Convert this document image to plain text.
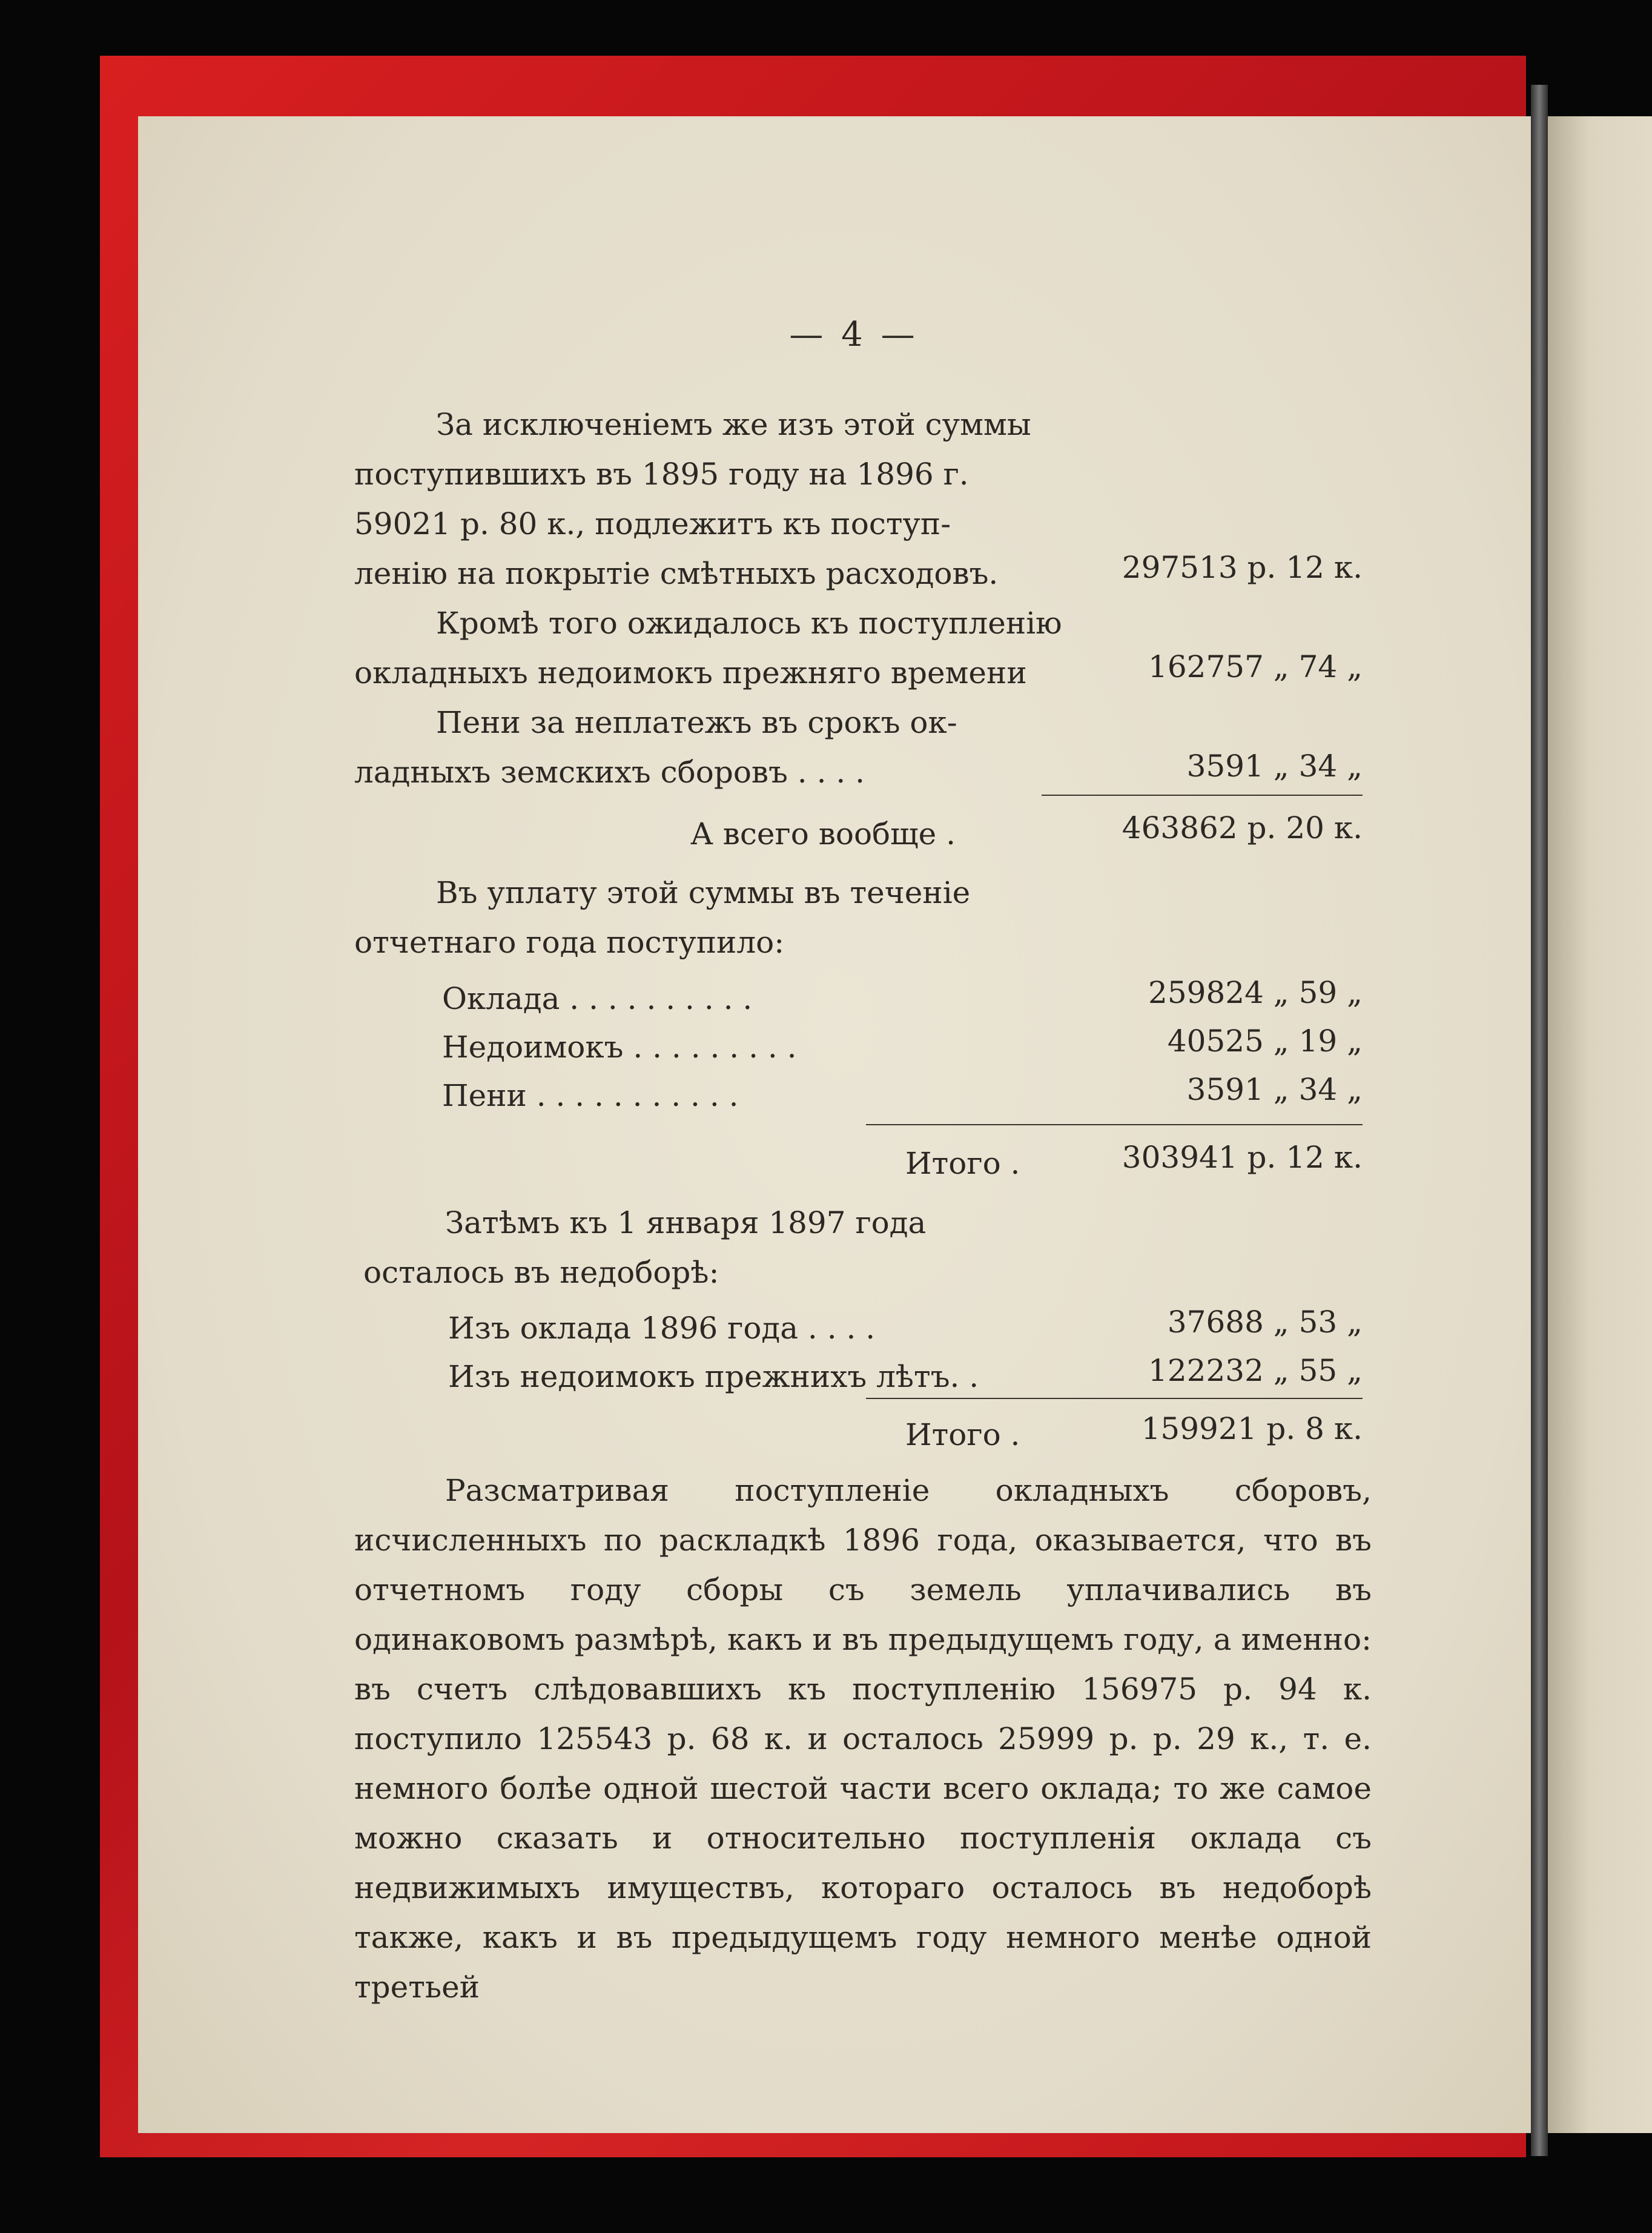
— 4 —
За исключеніемъ же изъ этой суммы
поступившихъ въ 1895 году на 1896 г.
59021 р. 80 к., подлежитъ къ поступ-
ленію на покрытіе смѣтныхъ расходовъ.	297513 р. 12 к.
Кромѣ того ожидалось къ поступленію
окладныхъ недоимокъ прежняго времени	162757 „ 74 „
Пени за неплатежъ въ срокъ ок-
ладныхъ земскихъ сборовъ . . . .	3591 „ 34 „
А всего вообще .	463862 р. 20 к.
Въ уплату этой суммы въ теченіе
отчетнаго года поступило:
Оклада . . . . . . . . . .	259824 „ 59 „
Недоимокъ . . . . . . . . .	40525 „ 19 „
Пени . . . . . . . . . . .	3591 „ 34 „
Итого .	303941 р. 12 к.
Затѣмъ къ 1 января 1897 года
осталось въ недоборѣ:
Изъ оклада 1896 года . . . .	37688 „ 53 „
Изъ недоимокъ прежнихъ лѣтъ. .	122232 „ 55 „
Итого .	159921 р. 8 к.
Разсматривая поступленіе окладныхъ сборовъ, исчисленныхъ по раскладкѣ 1896 года, оказывается, что въ отчетномъ году сборы съ земель уплачивались въ одинаковомъ размѣрѣ, какъ и въ предыдущемъ году, а именно: въ счетъ слѣдовавшихъ къ поступленію 156975 р. 94 к. поступило 125543 р. 68 к. и осталось 25999 р. р. 29 к., т. е. немного болѣе одной шестой части всего оклада; то же самое можно сказать и относительно поступленія оклада съ недвижимыхъ имуществъ, котораго осталось въ недоборѣ также, какъ и въ предыдущемъ году немного менѣе одной третьей
